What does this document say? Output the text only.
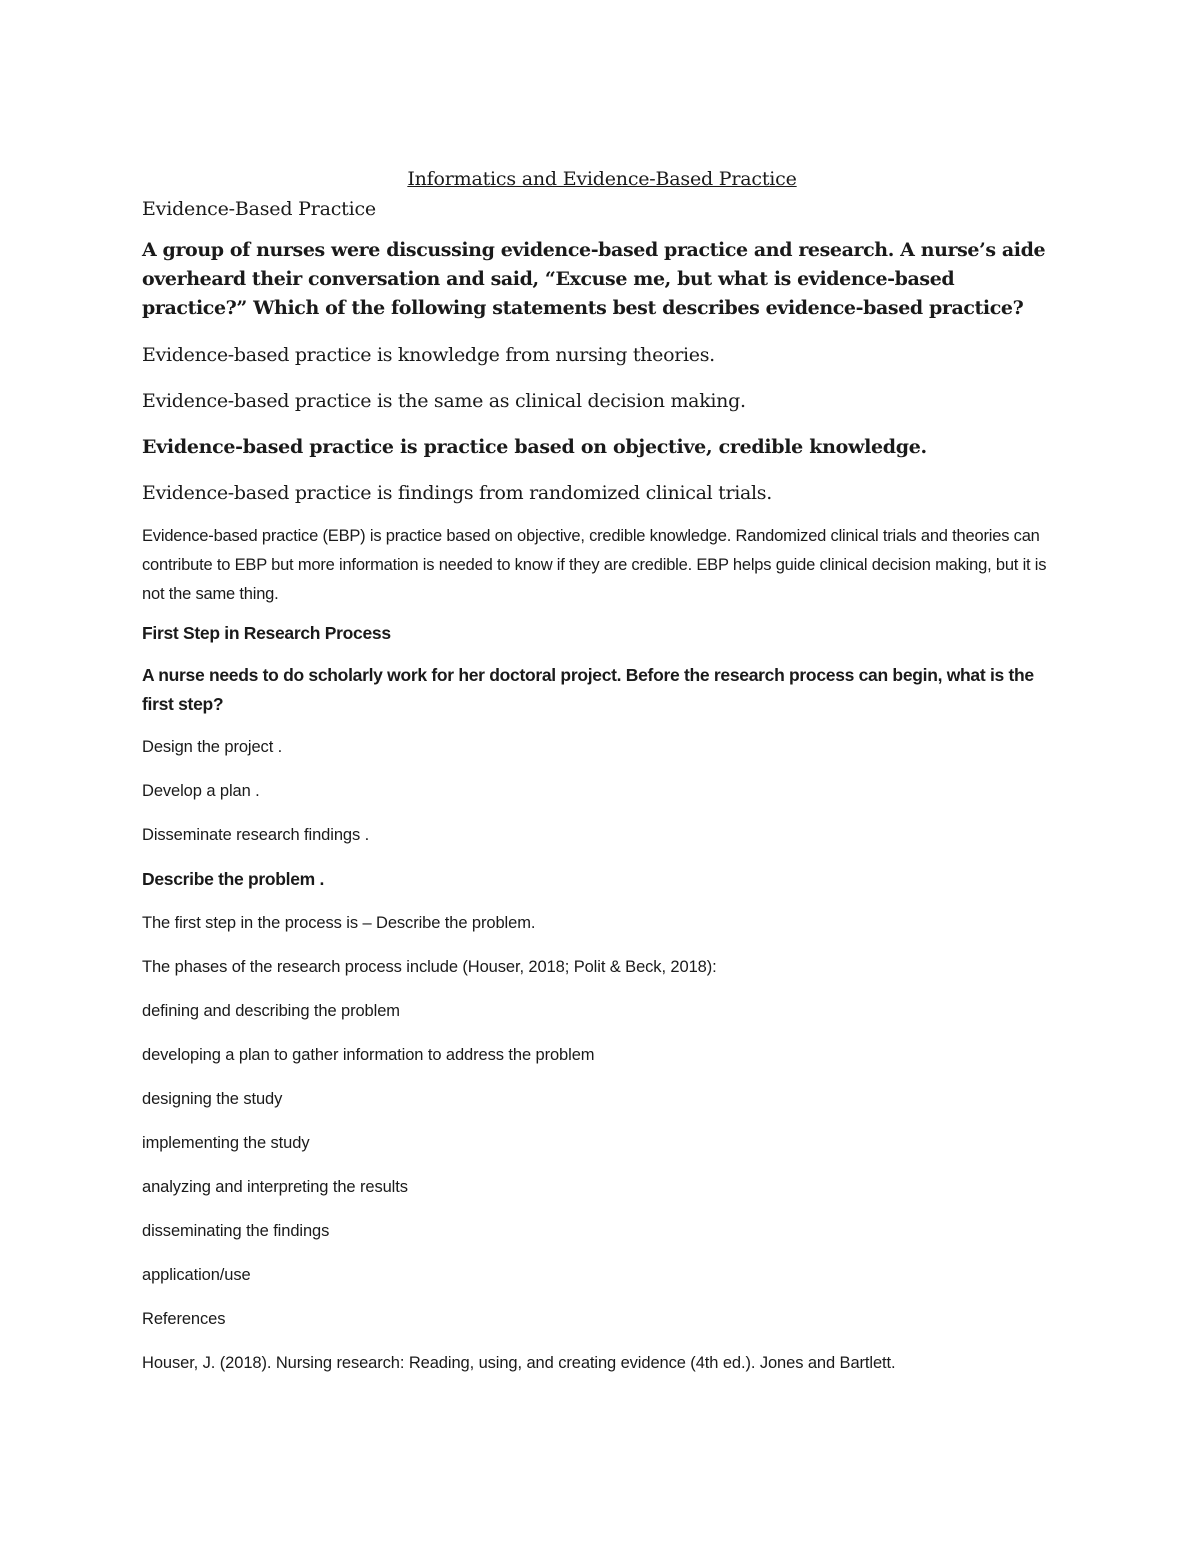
Informatics and Evidence-Based Practice

Evidence-Based Practice

A group of nurses were discussing evidence-based practice and research. A nurse’s aide overheard their conversation and said, “Excuse me, but what is evidence-based practice?” Which of the following statements best describes evidence-based practice?

Evidence-based practice is knowledge from nursing theories.

Evidence-based practice is the same as clinical decision making.

Evidence-based practice is practice based on objective, credible knowledge.

Evidence-based practice is findings from randomized clinical trials.

Evidence-based practice (EBP) is practice based on objective, credible knowledge. Randomized clinical trials and theories can contribute to EBP but more information is needed to know if they are credible. EBP helps guide clinical decision making, but it is not the same thing.

First Step in Research Process

A nurse needs to do scholarly work for her doctoral project. Before the research process can begin, what is the first step?

Design the project .

Develop a plan .

Disseminate research findings .

Describe the problem .

The first step in the process is – Describe the problem.

The phases of the research process include (Houser, 2018; Polit & Beck, 2018):

defining and describing the problem

developing a plan to gather information to address the problem

designing the study

implementing the study

analyzing and interpreting the results

disseminating the findings

application/use

References

Houser, J. (2018). Nursing research: Reading, using, and creating evidence (4th ed.). Jones and Bartlett.
